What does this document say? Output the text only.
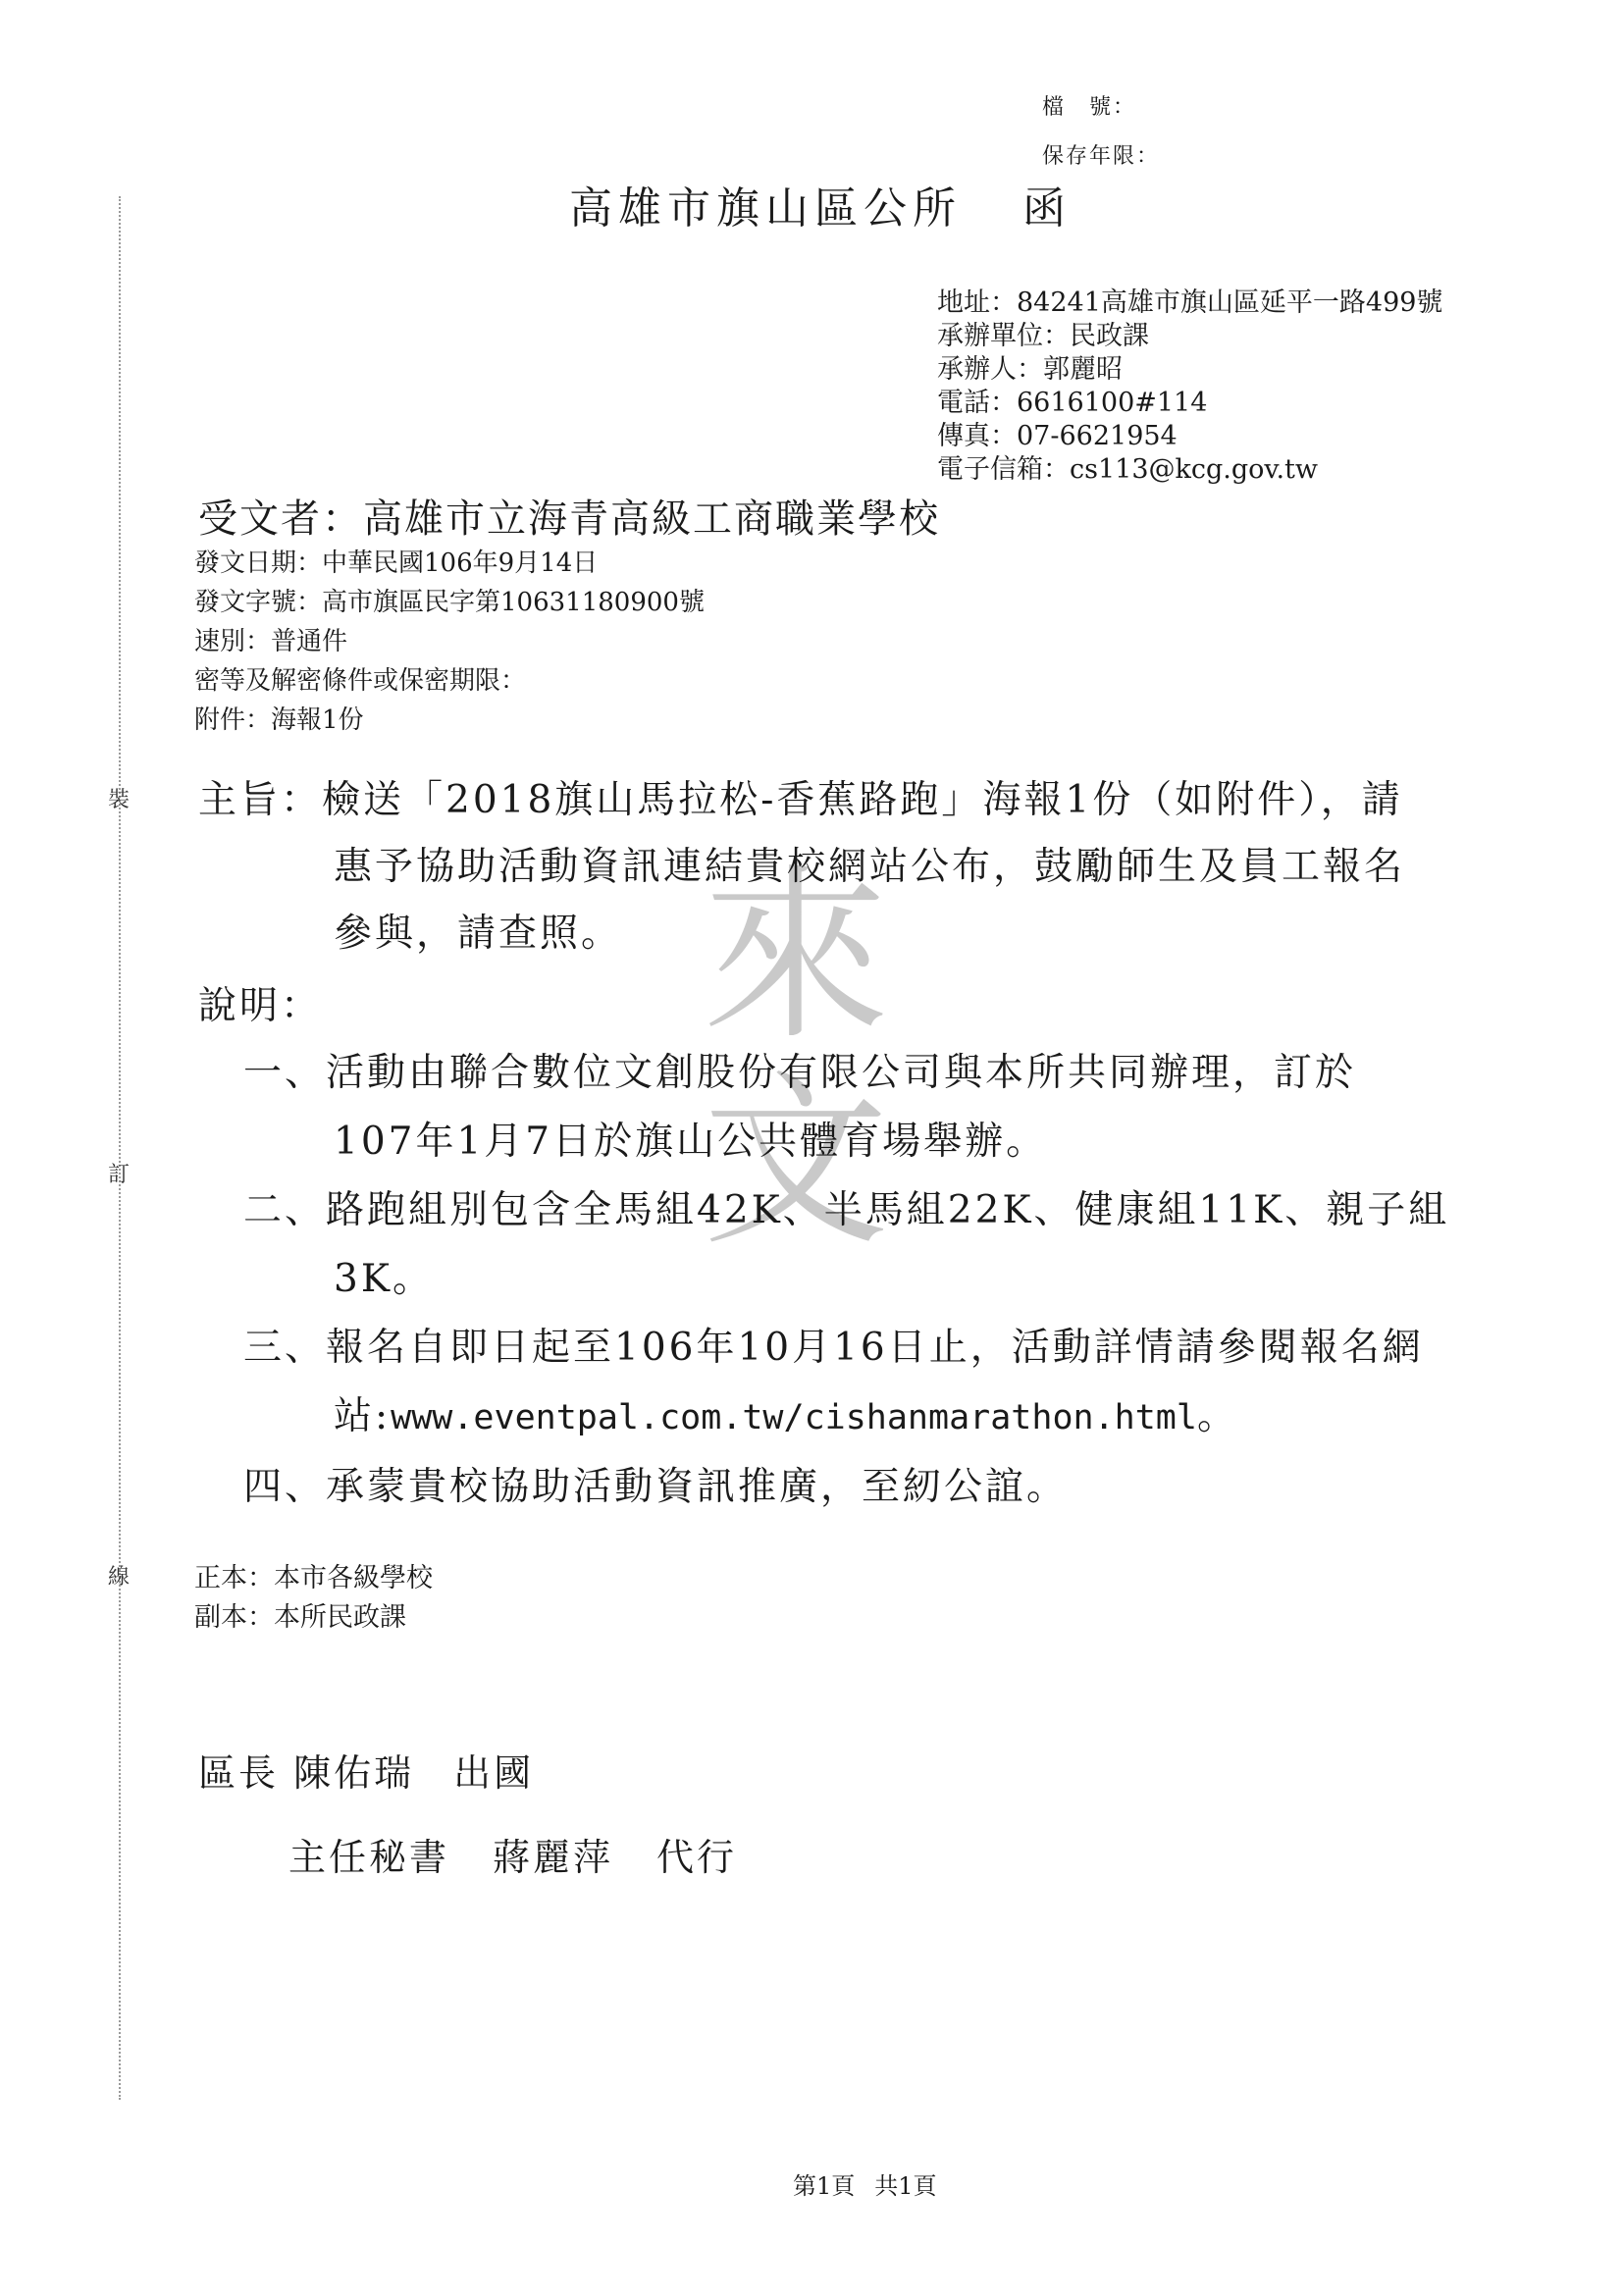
裝
訂
線
來
文
檔　號：
保存年限：
高雄市旗山區公所 函
地址：84241高雄市旗山區延平一路499號
承辦單位：民政課
承辦人：郭麗昭
電話：6616100#114
傳真：07-6621954
電子信箱：cs113@kcg.gov.tw
受文者：高雄市立海青高級工商職業學校
發文日期：中華民國106年9月14日
發文字號：高市旗區民字第10631180900號
速別：普通件
密等及解密條件或保密期限：
附件：海報1份
主旨：檢送「2018旗山馬拉松-香蕉路跑」海報1份（如附件），請
惠予協助活動資訊連結貴校網站公布，鼓勵師生及員工報名
參與，請查照。
說明：
一、活動由聯合數位文創股份有限公司與本所共同辦理，訂於
107年1月7日於旗山公共體育場舉辦。
二、路跑組別包含全馬組42K、半馬組22K、健康組11K、親子組
3K。
三、報名自即日起至106年10月16日止，活動詳情請參閱報名網
站:www.eventpal.com.tw/cishanmarathon.html。
四、承蒙貴校協助活動資訊推廣，至紉公誼。
正本：本市各級學校
副本：本所民政課
區長 陳佑瑞 出國
主任秘書 蔣麗萍 代行
第1頁 共1頁
